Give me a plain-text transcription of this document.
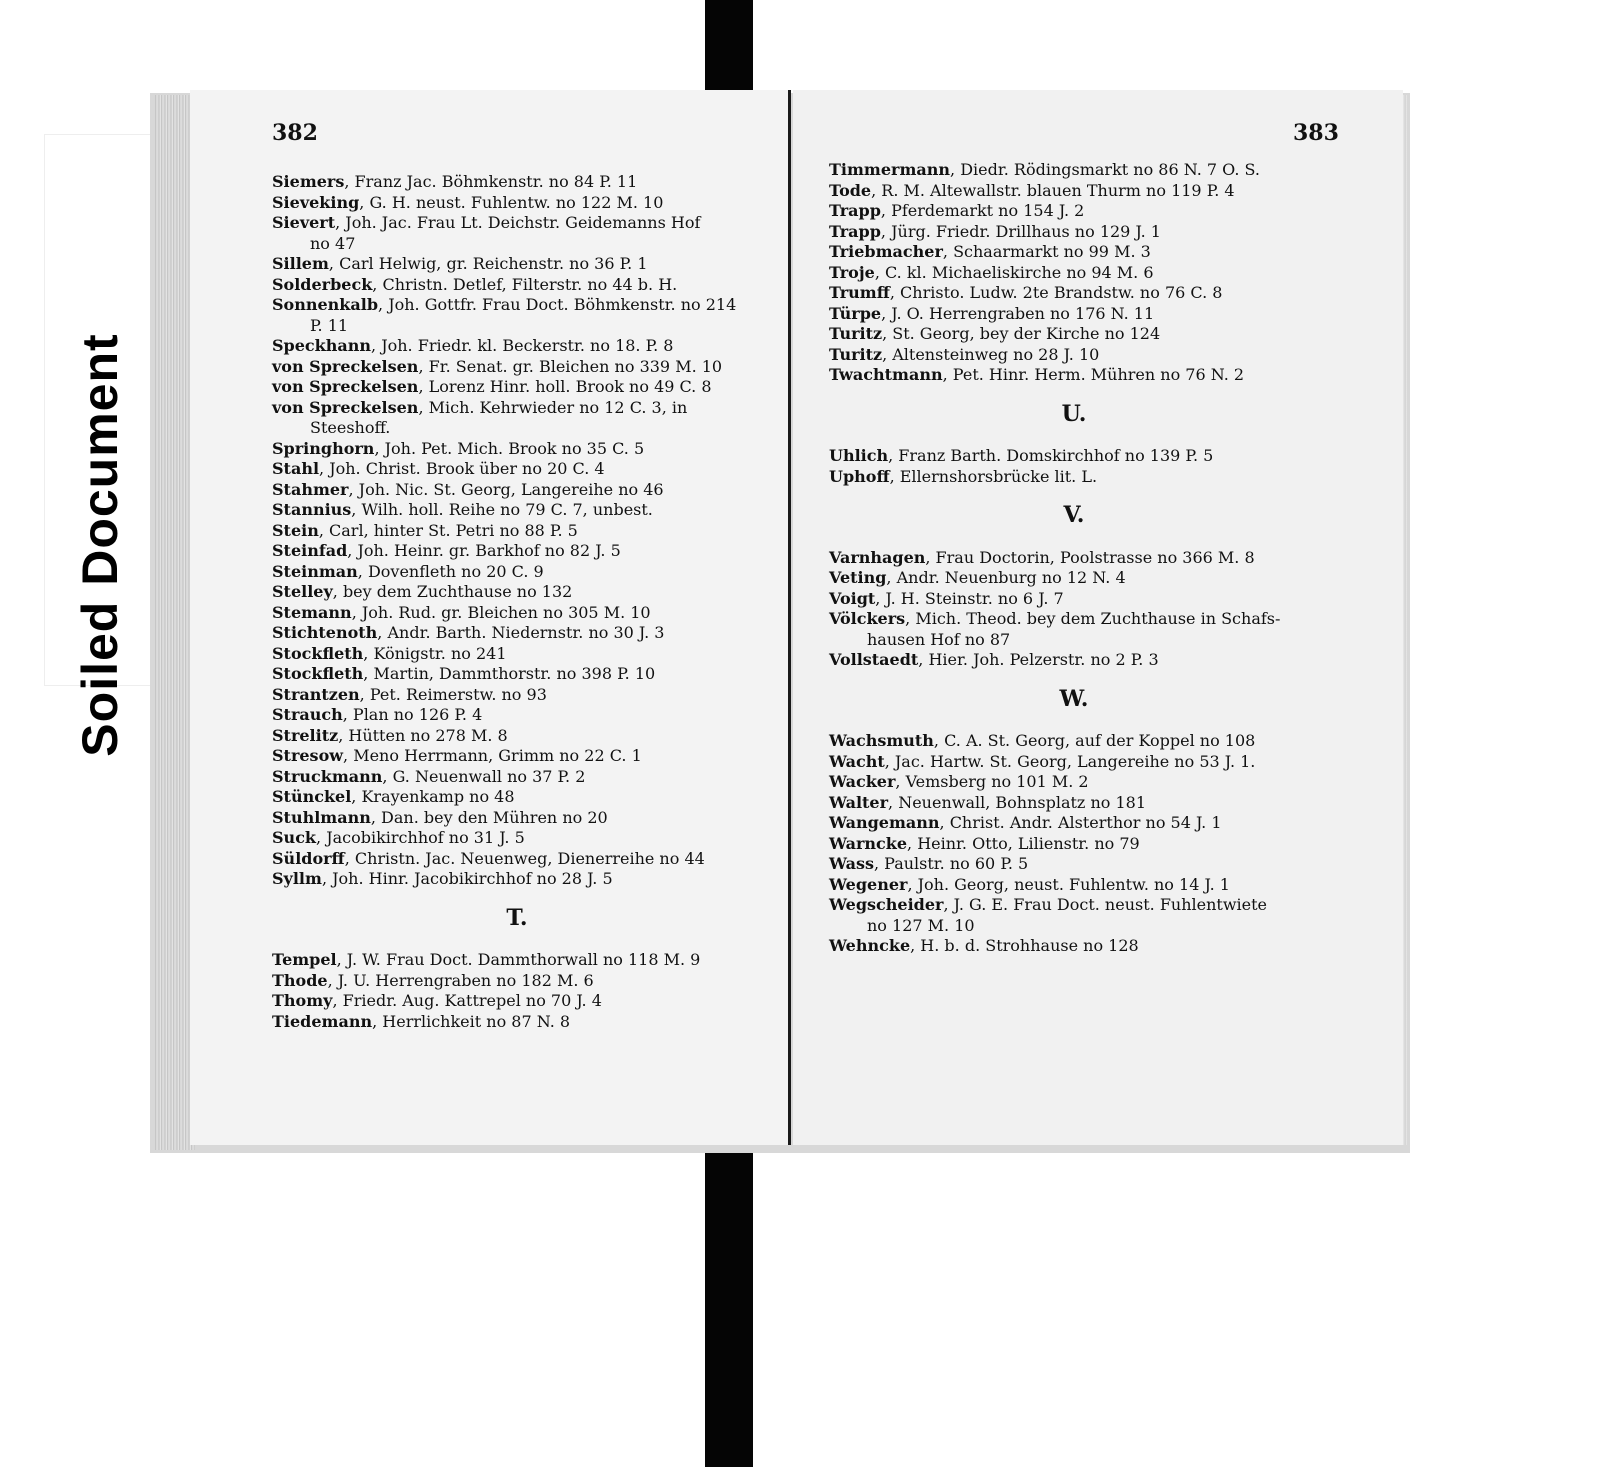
Soiled Document
382
Siemers, Franz Jac. Böhmkenstr. no 84 P. 11
Sieveking, G. H. neust. Fuhlentw. no 122 M. 10
Sievert, Joh. Jac. Frau Lt. Deichstr. Geidemanns Hof
no 47
Sillem, Carl Helwig, gr. Reichenstr. no 36 P. 1
Solderbeck, Christn. Detlef, Filterstr. no 44 b. H.
Sonnenkalb, Joh. Gottfr. Frau Doct. Böhmkenstr. no 214
P. 11
Speckhann, Joh. Friedr. kl. Beckerstr. no 18. P. 8
von Spreckelsen, Fr. Senat. gr. Bleichen no 339 M. 10
von Spreckelsen, Lorenz Hinr. holl. Brook no 49 C. 8
von Spreckelsen, Mich. Kehrwieder no 12 C. 3, in
Steeshoff.
Springhorn, Joh. Pet. Mich. Brook no 35 C. 5
Stahl, Joh. Christ. Brook über no 20 C. 4
Stahmer, Joh. Nic. St. Georg, Langereihe no 46
Stannius, Wilh. holl. Reihe no 79 C. 7, unbest.
Stein, Carl, hinter St. Petri no 88 P. 5
Steinfad, Joh. Heinr. gr. Barkhof no 82 J. 5
Steinman, Dovenfleth no 20 C. 9
Stelley, bey dem Zuchthause no 132
Stemann, Joh. Rud. gr. Bleichen no 305 M. 10
Stichtenoth, Andr. Barth. Niedernstr. no 30 J. 3
Stockfleth, Königstr. no 241
Stockfleth, Martin, Dammthorstr. no 398 P. 10
Strantzen, Pet. Reimerstw. no 93
Strauch, Plan no 126 P. 4
Strelitz, Hütten no 278 M. 8
Stresow, Meno Herrmann, Grimm no 22 C. 1
Struckmann, G. Neuenwall no 37 P. 2
Stünckel, Krayenkamp no 48
Stuhlmann, Dan. bey den Mühren no 20
Suck, Jacobikirchhof no 31 J. 5
Süldorff, Christn. Jac. Neuenweg, Dienerreihe no 44
Syllm, Joh. Hinr. Jacobikirchhof no 28 J. 5
T.
Tempel, J. W. Frau Doct. Dammthorwall no 118 M. 9
Thode, J. U. Herrengraben no 182 M. 6
Thomy, Friedr. Aug. Kattrepel no 70 J. 4
Tiedemann, Herrlichkeit no 87 N. 8
383
Timmermann, Diedr. Rödingsmarkt no 86 N. 7 O. S.
Tode, R. M. Altewallstr. blauen Thurm no 119 P. 4
Trapp, Pferdemarkt no 154 J. 2
Trapp, Jürg. Friedr. Drillhaus no 129 J. 1
Triebmacher, Schaarmarkt no 99 M. 3
Troje, C. kl. Michaeliskirche no 94 M. 6
Trumff, Christo. Ludw. 2te Brandstw. no 76 C. 8
Türpe, J. O. Herrengraben no 176 N. 11
Turitz, St. Georg, bey der Kirche no 124
Turitz, Altensteinweg no 28 J. 10
Twachtmann, Pet. Hinr. Herm. Mühren no 76 N. 2
U.
Uhlich, Franz Barth. Domskirchhof no 139 P. 5
Uphoff, Ellernshorsbrücke lit. L.
V.
Varnhagen, Frau Doctorin, Poolstrasse no 366 M. 8
Veting, Andr. Neuenburg no 12 N. 4
Voigt, J. H. Steinstr. no 6 J. 7
Völckers, Mich. Theod. bey dem Zuchthause in Schafs-
hausen Hof no 87
Vollstaedt, Hier. Joh. Pelzerstr. no 2 P. 3
W.
Wachsmuth, C. A. St. Georg, auf der Koppel no 108
Wacht, Jac. Hartw. St. Georg, Langereihe no 53 J. 1.
Wacker, Vemsberg no 101 M. 2
Walter, Neuenwall, Bohnsplatz no 181
Wangemann, Christ. Andr. Alsterthor no 54 J. 1
Warncke, Heinr. Otto, Lilienstr. no 79
Wass, Paulstr. no 60 P. 5
Wegener, Joh. Georg, neust. Fuhlentw. no 14 J. 1
Wegscheider, J. G. E. Frau Doct. neust. Fuhlentwiete
no 127 M. 10
Wehncke, H. b. d. Strohhause no 128
